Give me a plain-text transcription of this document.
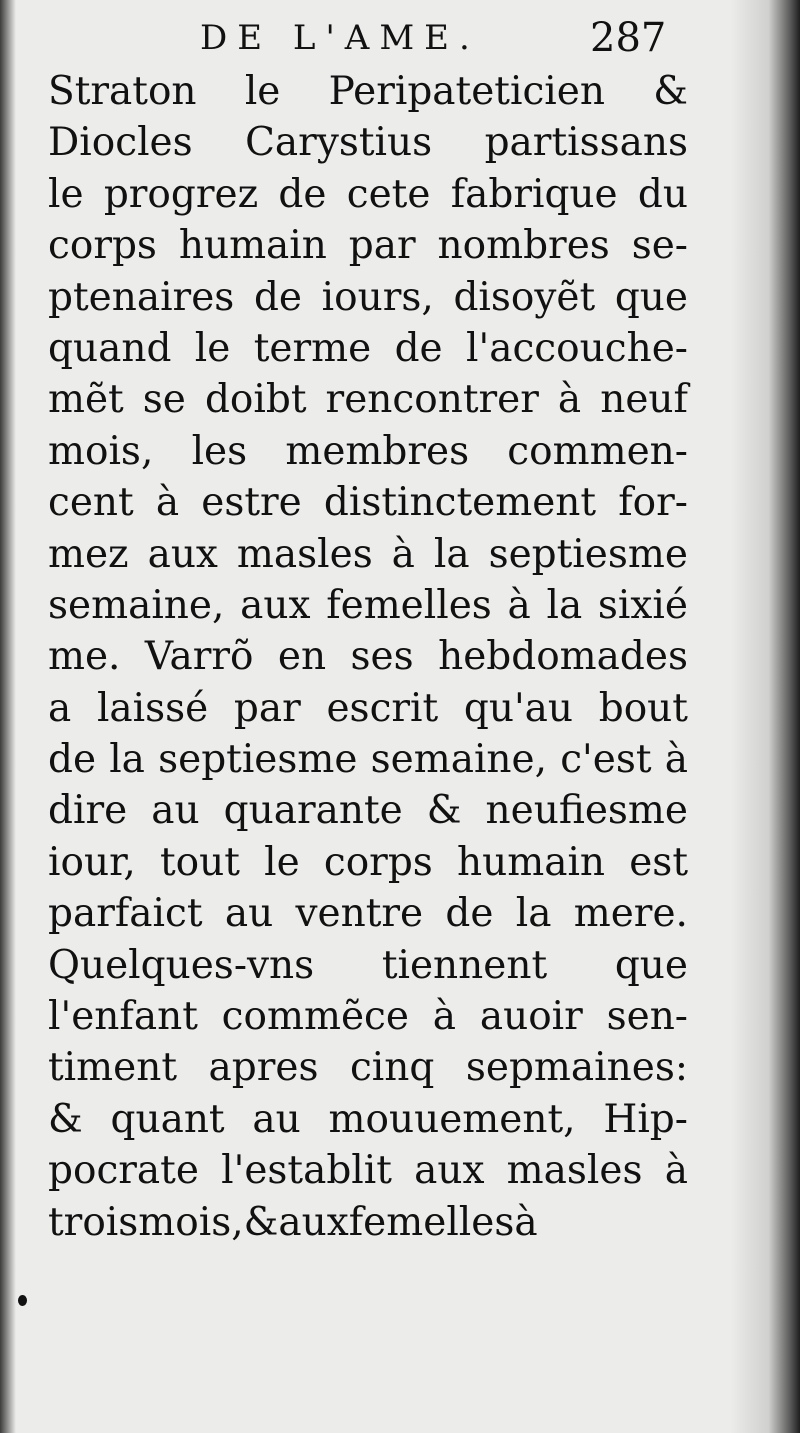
DE L'AME.	287
Straton le Peripateticien &
Diocles Carystius partissans
le progrez de cete fabrique du
corps humain par nombres se-
ptenaires de iours, disoyẽt que
quand le terme de l'accouche-
mẽt se doibt rencontrer à neuf
mois, les membres commen-
cent à estre distinctement for-
mez aux masles à la septiesme
semaine, aux femelles à la sixié
me. Varrõ en ses hebdomades
a laissé par escrit qu'au bout
de la septiesme semaine, c'est à
dire au quarante & neufiesme
iour, tout le corps humain est
parfaict au ventre de la mere.
Quelques-vns tiennent que
l'enfant commẽce à auoir sen-
timent apres cinq sepmaines:
& quant au mouuement, Hip-
pocrate l'establit aux masles à
trois mois, & aux femelles à
